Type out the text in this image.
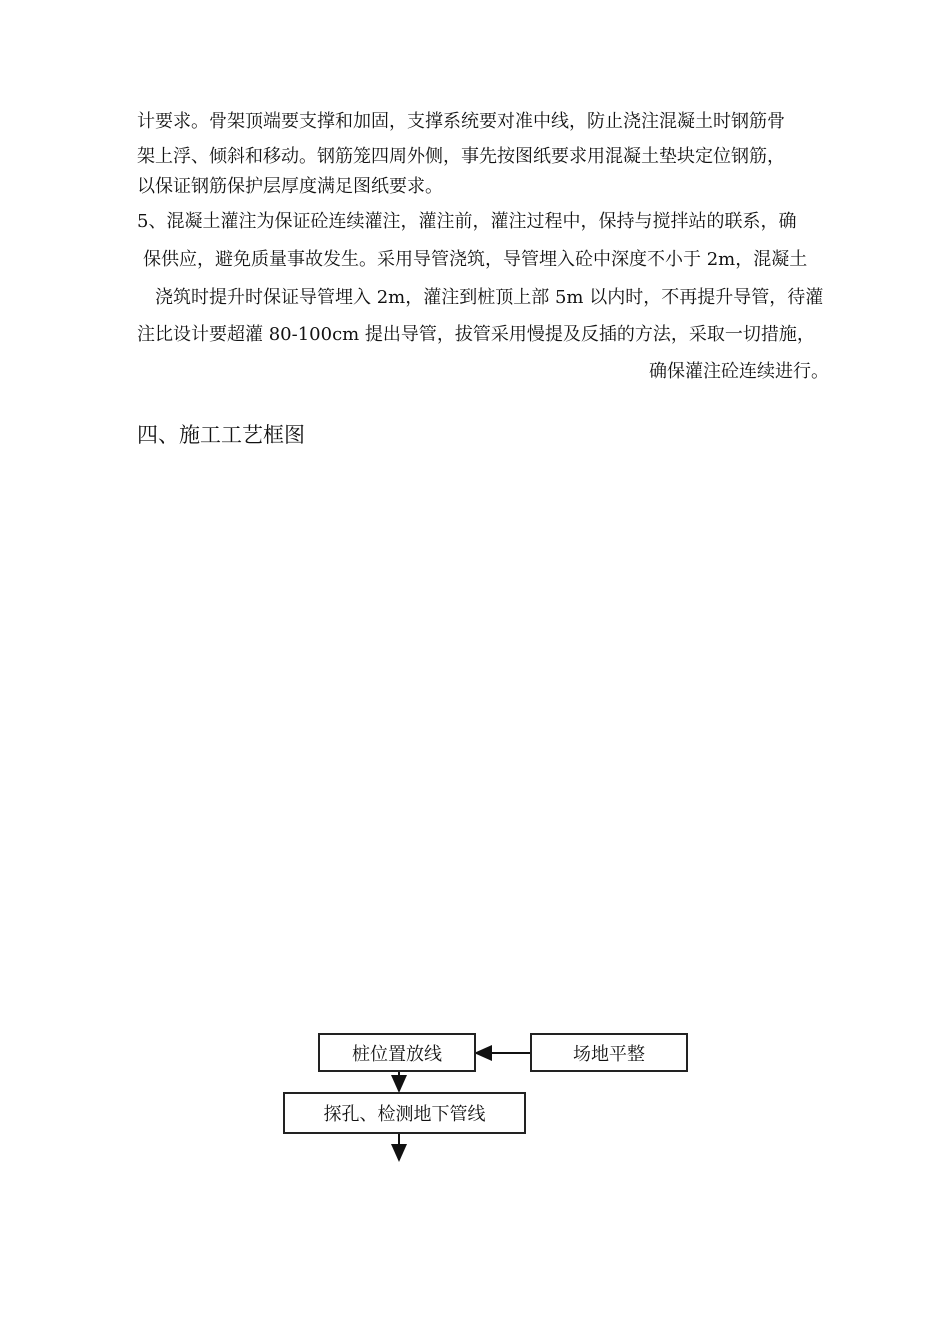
计要求。骨架顶端要支撑和加固，支撑系统要对准中线，防止浇注混凝土时钢筋骨
架上浮、倾斜和移动。钢筋笼四周外侧，事先按图纸要求用混凝土垫块定位钢筋，
以保证钢筋保护层厚度满足图纸要求。
5、混凝土灌注为保证砼连续灌注，灌注前，灌注过程中，保持与搅拌站的联系，确
保供应，避免质量事故发生。采用导管浇筑，导管埋入砼中深度不小于 2m，混凝土
浇筑时提升时保证导管埋入 2m，灌注到桩顶上部 5m 以内时，不再提升导管，待灌
注比设计要超灌 80-100cm 提出导管，拔管采用慢提及反插的方法，采取一切措施，
确保灌注砼连续进行。
四、施工工艺框图
桩位置放线	场地平整
探孔、检测地下管线
